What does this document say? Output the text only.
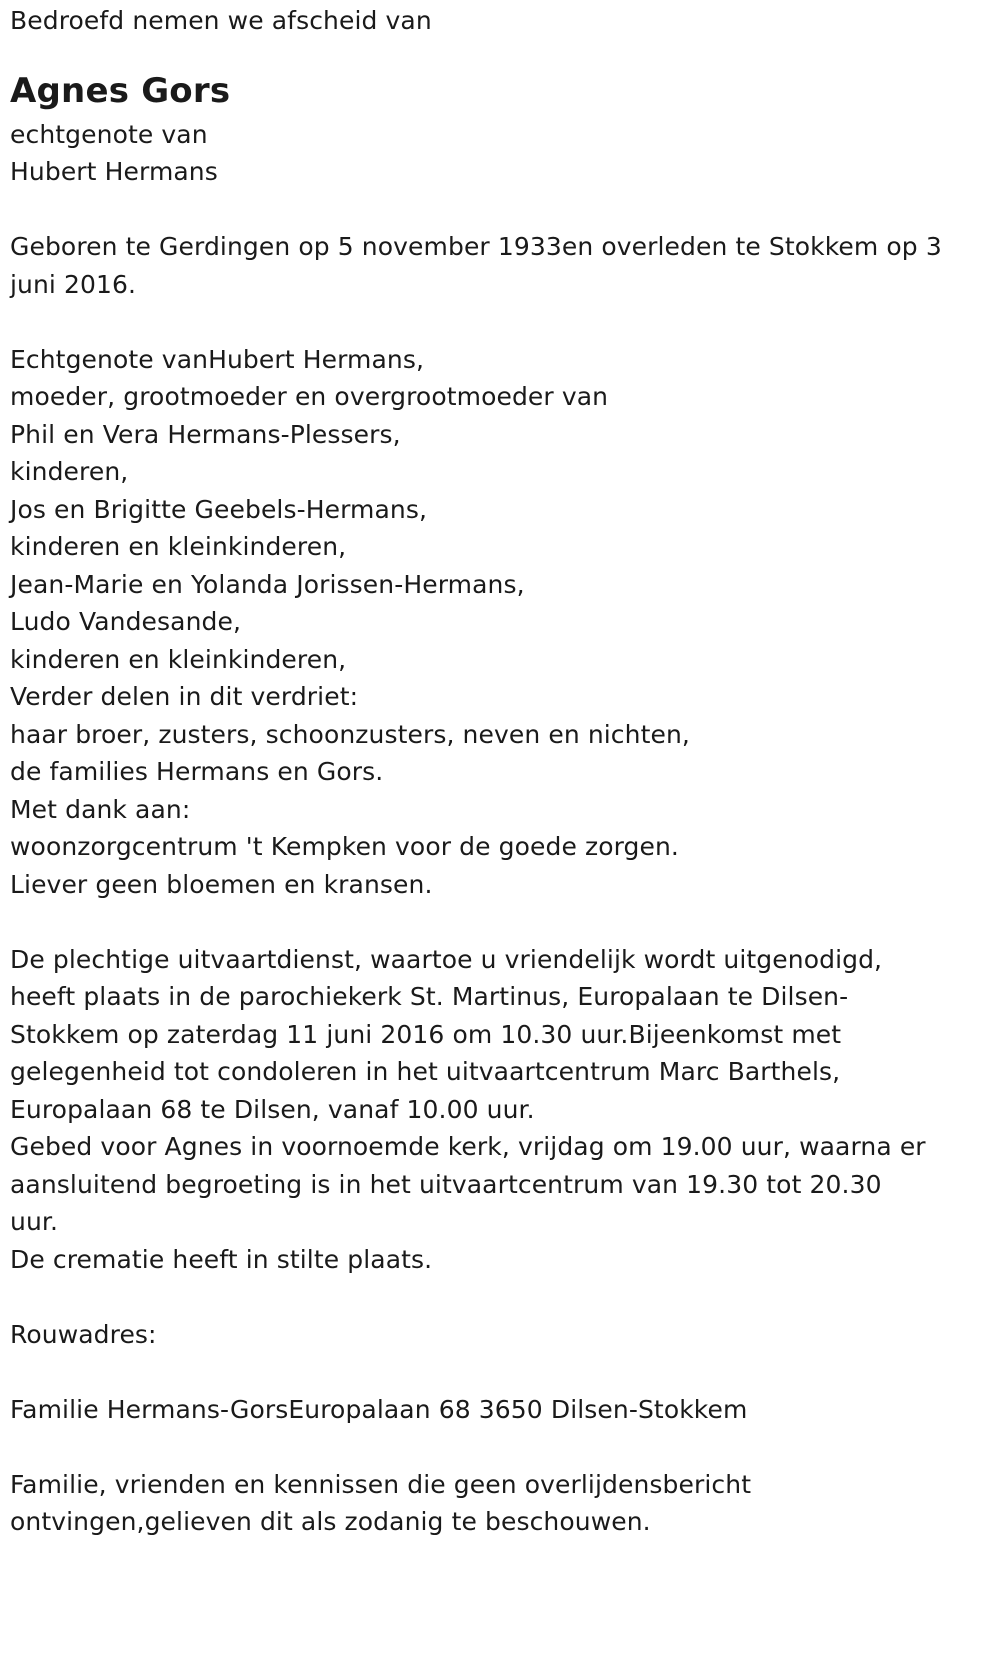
Bedroefd nemen we afscheid van
Agnes Gors
echtgenote van
Hubert Hermans
Geboren te Gerdingen op 5 november 1933en overleden te Stokkem op 3
juni 2016.
Echtgenote vanHubert Hermans,
moeder, grootmoeder en overgrootmoeder van
Phil en Vera Hermans-Plessers,
kinderen,
Jos en Brigitte Geebels-Hermans,
kinderen en kleinkinderen,
Jean-Marie en Yolanda Jorissen-Hermans,
Ludo Vandesande,
kinderen en kleinkinderen,
Verder delen in dit verdriet:
haar broer, zusters, schoonzusters, neven en nichten,
de families Hermans en Gors.
Met dank aan:
woonzorgcentrum 't Kempken voor de goede zorgen.
Liever geen bloemen en kransen.
De plechtige uitvaartdienst, waartoe u vriendelijk wordt uitgenodigd,
heeft plaats in de parochiekerk St. Martinus, Europalaan te Dilsen-
Stokkem op zaterdag 11 juni 2016 om 10.30 uur.Bijeenkomst met
gelegenheid tot condoleren in het uitvaartcentrum Marc Barthels,
Europalaan 68 te Dilsen, vanaf 10.00 uur.
Gebed voor Agnes in voornoemde kerk, vrijdag om 19.00 uur, waarna er
aansluitend begroeting is in het uitvaartcentrum van 19.30 tot 20.30
uur.
De crematie heeft in stilte plaats.
Rouwadres:
Familie Hermans-GorsEuropalaan 68 3650 Dilsen-Stokkem
Familie, vrienden en kennissen die geen overlijdensbericht
ontvingen,gelieven dit als zodanig te beschouwen.
